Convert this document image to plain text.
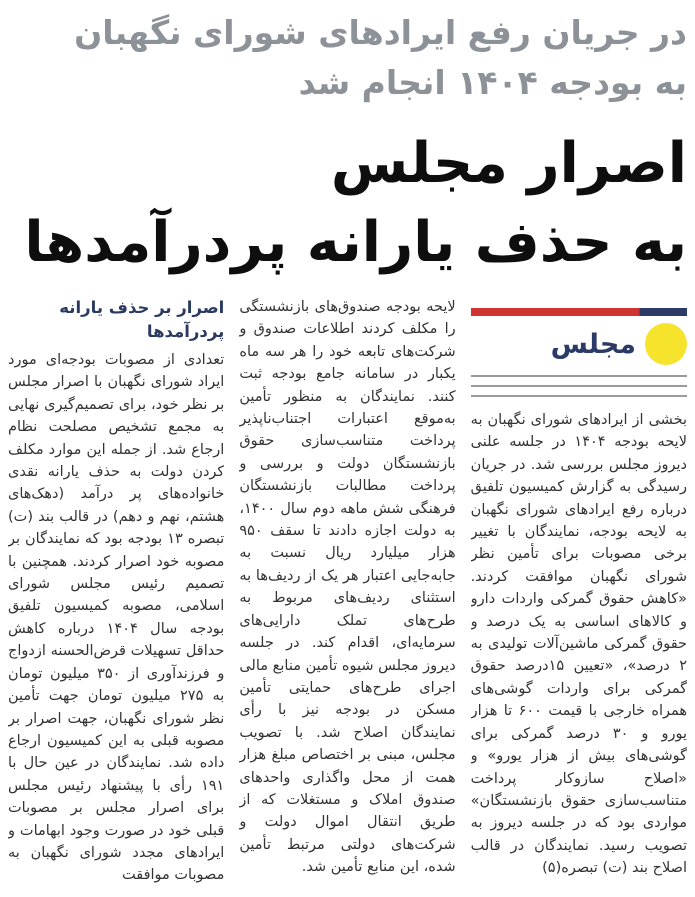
در جریان رفع ایرادهای شورای نگهبان
به بودجه ۱۴۰۴ انجام شد
اصرار مجلس
به حذف یارانه پردرآمدها
مجلس

بخشی از ایرادهای شورای نگهبان به لایحه بودجه ۱۴۰۴ در جلسه علنی دیروز مجلس بررسی شد. در جریان رسیدگی به گزارش کمیسیون تلفیق درباره رفع ایرادهای شورای نگهبان به لایحه بودجه، نمایندگان با تغییر برخی مصوبات برای تأمین نظر شورای نگهبان موافقت کردند. «کاهش حقوق گمرکی واردات دارو و کالاهای اساسی به یک درصد و حقوق گمرکی ماشین‌آلات تولیدی به ۲ درصد»، «تعیین ۱۵درصد حقوق گمرکی برای واردات گوشی‌های همراه خارجی با قیمت ۶۰۰ تا هزار یورو و ۳۰ درصد گمرکی برای گوشی‌های بیش از هزار یورو» و «اصلاح سازوکار پرداخت متناسب‌سازی حقوق بازنشستگان» مواردی بود که در جلسه دیروز به تصویب رسید. نمایندگان در قالب اصلاح بند (ت) تبصره(۵)

لایحه بودجه صندوق‌های بازنشستگی را مکلف کردند اطلاعات صندوق و شرکت‌های تابعه خود را هر سه ماه یکبار در سامانه جامع بودجه ثبت کنند. نمایندگان به منظور تأمین به‌موقع اعتبارات اجتناب‌ناپذیر پرداخت متناسب‌سازی حقوق بازنشستگان دولت و بررسی و پرداخت مطالبات بازنشستگان فرهنگی شش ماهه دوم سال ۱۴۰۰، به دولت اجازه دادند تا سقف ۹۵۰ هزار میلیارد ریال نسبت به جابه‌جایی اعتبار هر یک از ردیف‌ها به استثنای ردیف‌های مربوط به طرح‌های تملک دارایی‌های سرمایه‌ای، اقدام کند. در جلسه دیروز مجلس شیوه تأمین منابع مالی اجرای طرح‌های حمایتی تأمین مسکن در بودجه نیز با رأی نمایندگان اصلاح شد. با تصویب مجلس، مبنی بر اختصاص مبلغ هزار همت از محل واگذاری واحدهای صندوق املاک و مستغلات که از طریق انتقال اموال دولت و شرکت‌های دولتی مرتبط تأمین شده، این منابع تأمین شد.

اصرار بر حذف یارانه پردرآمدها

تعدادی از مصوبات بودجه‌ای مورد ایراد شورای نگهبان با اصرار مجلس بر نظر خود، برای تصمیم‌گیری نهایی به مجمع تشخیص مصلحت نظام ارجاع شد. از جمله این موارد مکلف کردن دولت به حذف یارانه نقدی خانواده‌های پر درآمد (دهک‌های هشتم، نهم و دهم) در قالب بند (ت) تبصره ۱۳ بودجه بود که نمایندگان بر مصوبه خود اصرار کردند. همچنین با تصمیم رئیس مجلس شورای اسلامی، مصوبه کمیسیون تلفیق بودجه سال ۱۴۰۴ درباره کاهش حداقل تسهیلات قرض‌الحسنه ازدواج و فرزندآوری از ۳۵۰ میلیون تومان به ۲۷۵ میلیون تومان جهت تأمین نظر شورای نگهبان، جهت اصرار بر مصوبه قبلی به این کمیسیون ارجاع داده شد. نمایندگان در عین حال با ۱۹۱ رأی با پیشنهاد رئیس مجلس برای اصرار مجلس بر مصوبات قبلی خود در صورت وجود ابهامات و ایرادهای مجدد شورای نگهبان به مصوبات موافقت
